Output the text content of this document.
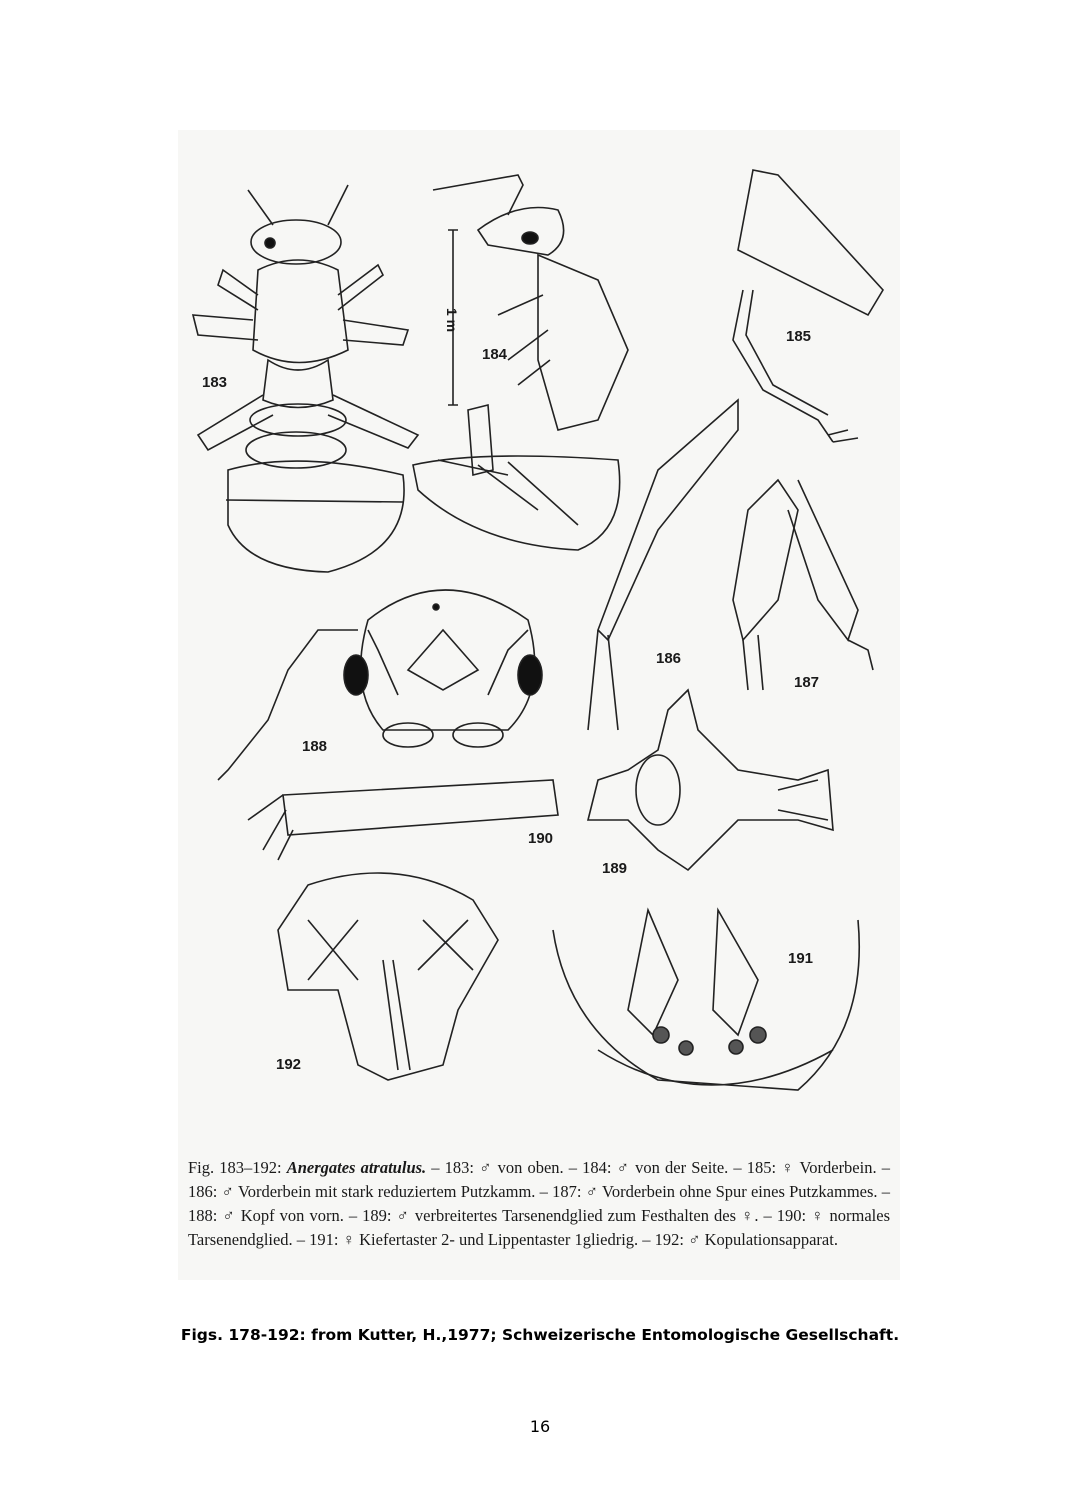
183
184
185
186
187
188
189
190
191
192
1 m
Fig. 183–192: Anergates atratulus. – 183: ♂ von oben. – 184: ♂ von der Seite. – 185: ♀ Vorderbein. – 186: ♂ Vorderbein mit stark reduziertem Putzkamm. – 187: ♂ Vorderbein ohne Spur eines Putzkammes. – 188: ♂ Kopf von vorn. – 189: ♂ verbreitertes Tarsenendglied zum Festhalten des ♀. – 190: ♀ normales Tarsenendglied. – 191: ♀ Kiefertaster 2- und Lippentaster 1gliedrig. – 192: ♂ Kopulationsapparat.
Figs. 178-192: from Kutter, H.,1977; Schweizerische Entomologische Gesellschaft.
16
